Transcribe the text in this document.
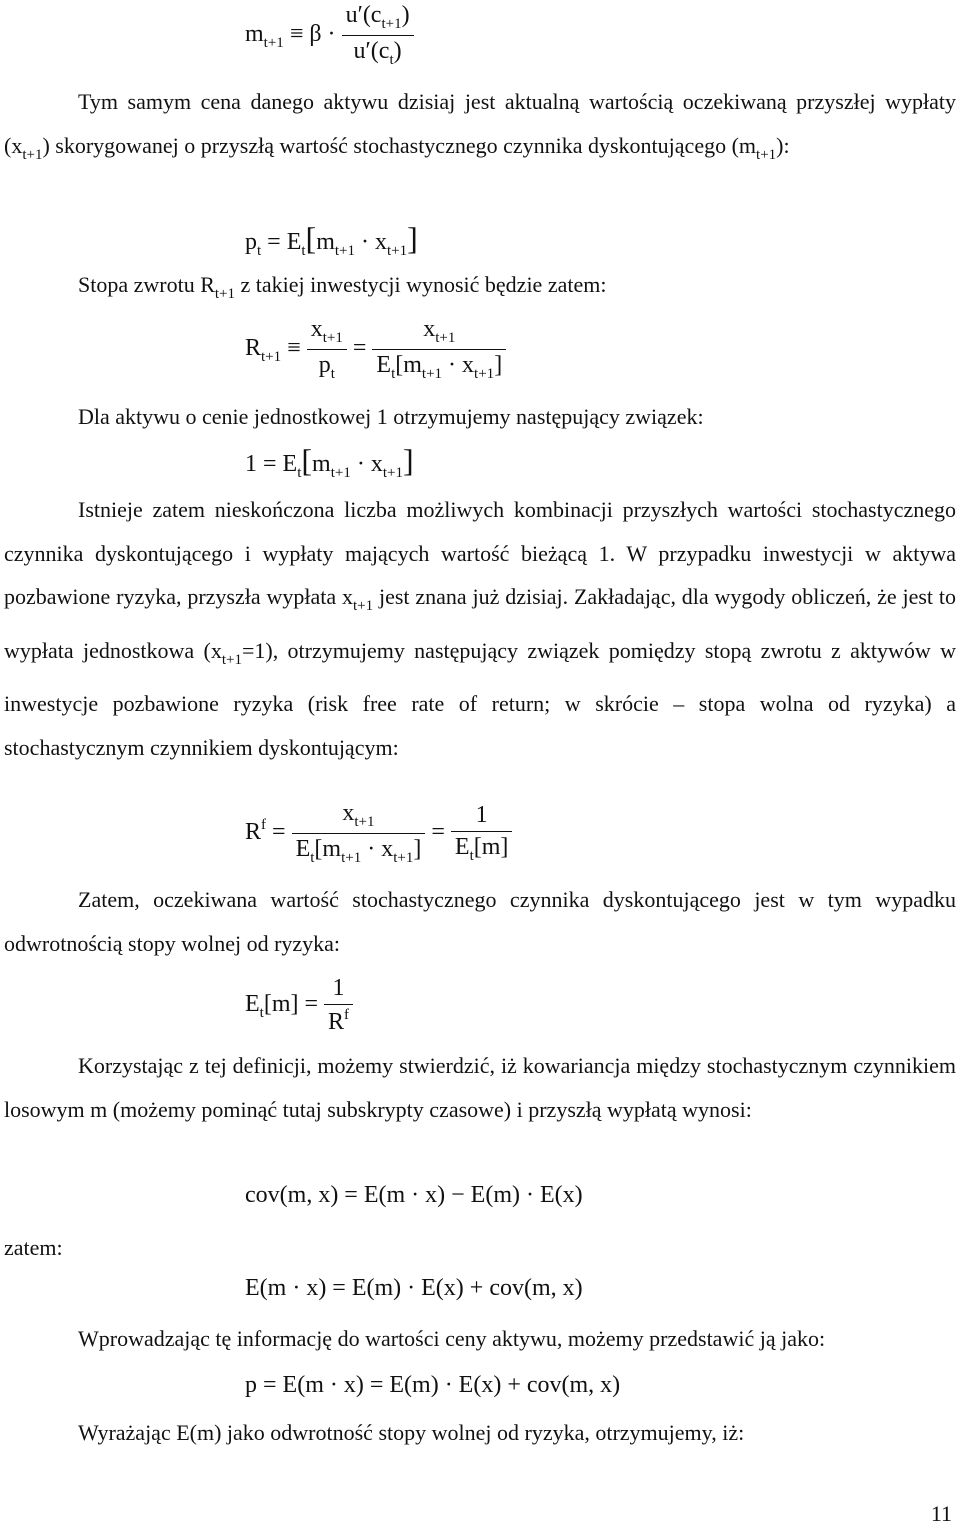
$m_{t+1} \equiv \beta \cdot \frac{u'(c_{t+1})}{u'(c_t)}$
Tym samym cena danego aktywu dzisiaj jest aktualną wartością oczekiwaną przyszłej wypłaty $(x_{t+1})$ skorygowanej o przyszłą wartość stochastycznego czynnika dyskontującego $(m_{t+1})$:
$p_t = E_t[m_{t+1} \cdot x_{t+1}]$
Stopa zwrotu $R_{t+1}$ z takiej inwestycji wynosić będzie zatem:
$R_{t+1} \equiv \frac{x_{t+1}}{p_t} = \frac{x_{t+1}}{E_t[m_{t+1} \cdot x_{t+1}]}$
Dla aktywu o cenie jednostkowej 1 otrzymujemy następujący związek:
$1 = E_t[m_{t+1} \cdot x_{t+1}]$
Istnieje zatem nieskończona liczba możliwych kombinacji przyszłych wartości stochastycznego czynnika dyskontującego i wypłaty mających wartość bieżącą 1. W przypadku inwestycji w aktywa pozbawione ryzyka, przyszła wypłata $x_{t+1}$ jest znana już dzisiaj. Zakładając, dla wygody obliczeń, że jest to wypłata jednostkowa $(x_{t+1}=1)$, otrzymujemy następujący związek pomiędzy stopą zwrotu z aktywów w inwestycje pozbawione ryzyka (risk free rate of return; w skrócie – stopa wolna od ryzyka) a stochastycznym czynnikiem dyskontującym:
$R^f = \frac{x_{t+1}}{E_t[m_{t+1} \cdot x_{t+1}]} = \frac{1}{E_t[m]}$
Zatem, oczekiwana wartość stochastycznego czynnika dyskontującego jest w tym wypadku odwrotnością stopy wolnej od ryzyka:
$E_t[m] = \frac{1}{R^f}$
Korzystając z tej definicji, możemy stwierdzić, iż kowariancja między stochastycznym czynnikiem losowym m (możemy pominąć tutaj subskrypty czasowe) i przyszłą wypłatą wynosi:
cov(m, x) = E(m · x) − E(m) · E(x)
zatem:
E(m · x) = E(m) · E(x) + cov(m, x)
Wprowadzając tę informację do wartości ceny aktywu, możemy przedstawić ją jako:
p = E(m · x) = E(m) · E(x) + cov(m, x)
Wyrażając E(m) jako odwrotność stopy wolnej od ryzyka, otrzymujemy, iż:
11
